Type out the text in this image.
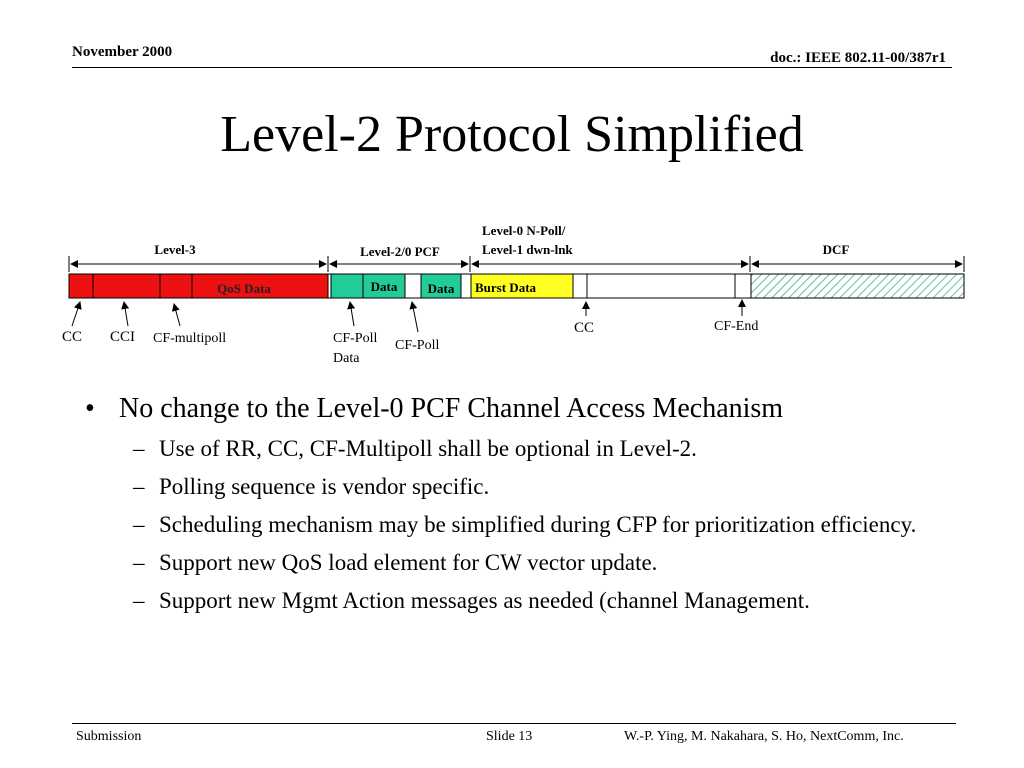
November 2000	doc.: IEEE 802.11-00/387r1
Level-2 Protocol Simplified
Level-3	Level-2/0 PCF
Level-0 N-Poll/
Level-1 dwn-lnk	DCF
QoS Data	Data Data Burst Data
CC CCI CF-multipoll	CF-Poll
Data
CF-Poll
CC	CF-End
• No change to the Level-0 PCF Channel Access Mechanism
– Use of RR, CC, CF-Multipoll shall be optional in Level-2.
– Polling sequence is vendor specific.
– Scheduling mechanism may be simplified during CFP for prioritization efficiency.
– Support new QoS load element for CW vector update.
– Support new Mgmt Action messages as needed (channel Management.
Submission	Slide 13	W.-P. Ying, M. Nakahara, S. Ho, NextComm, Inc.
